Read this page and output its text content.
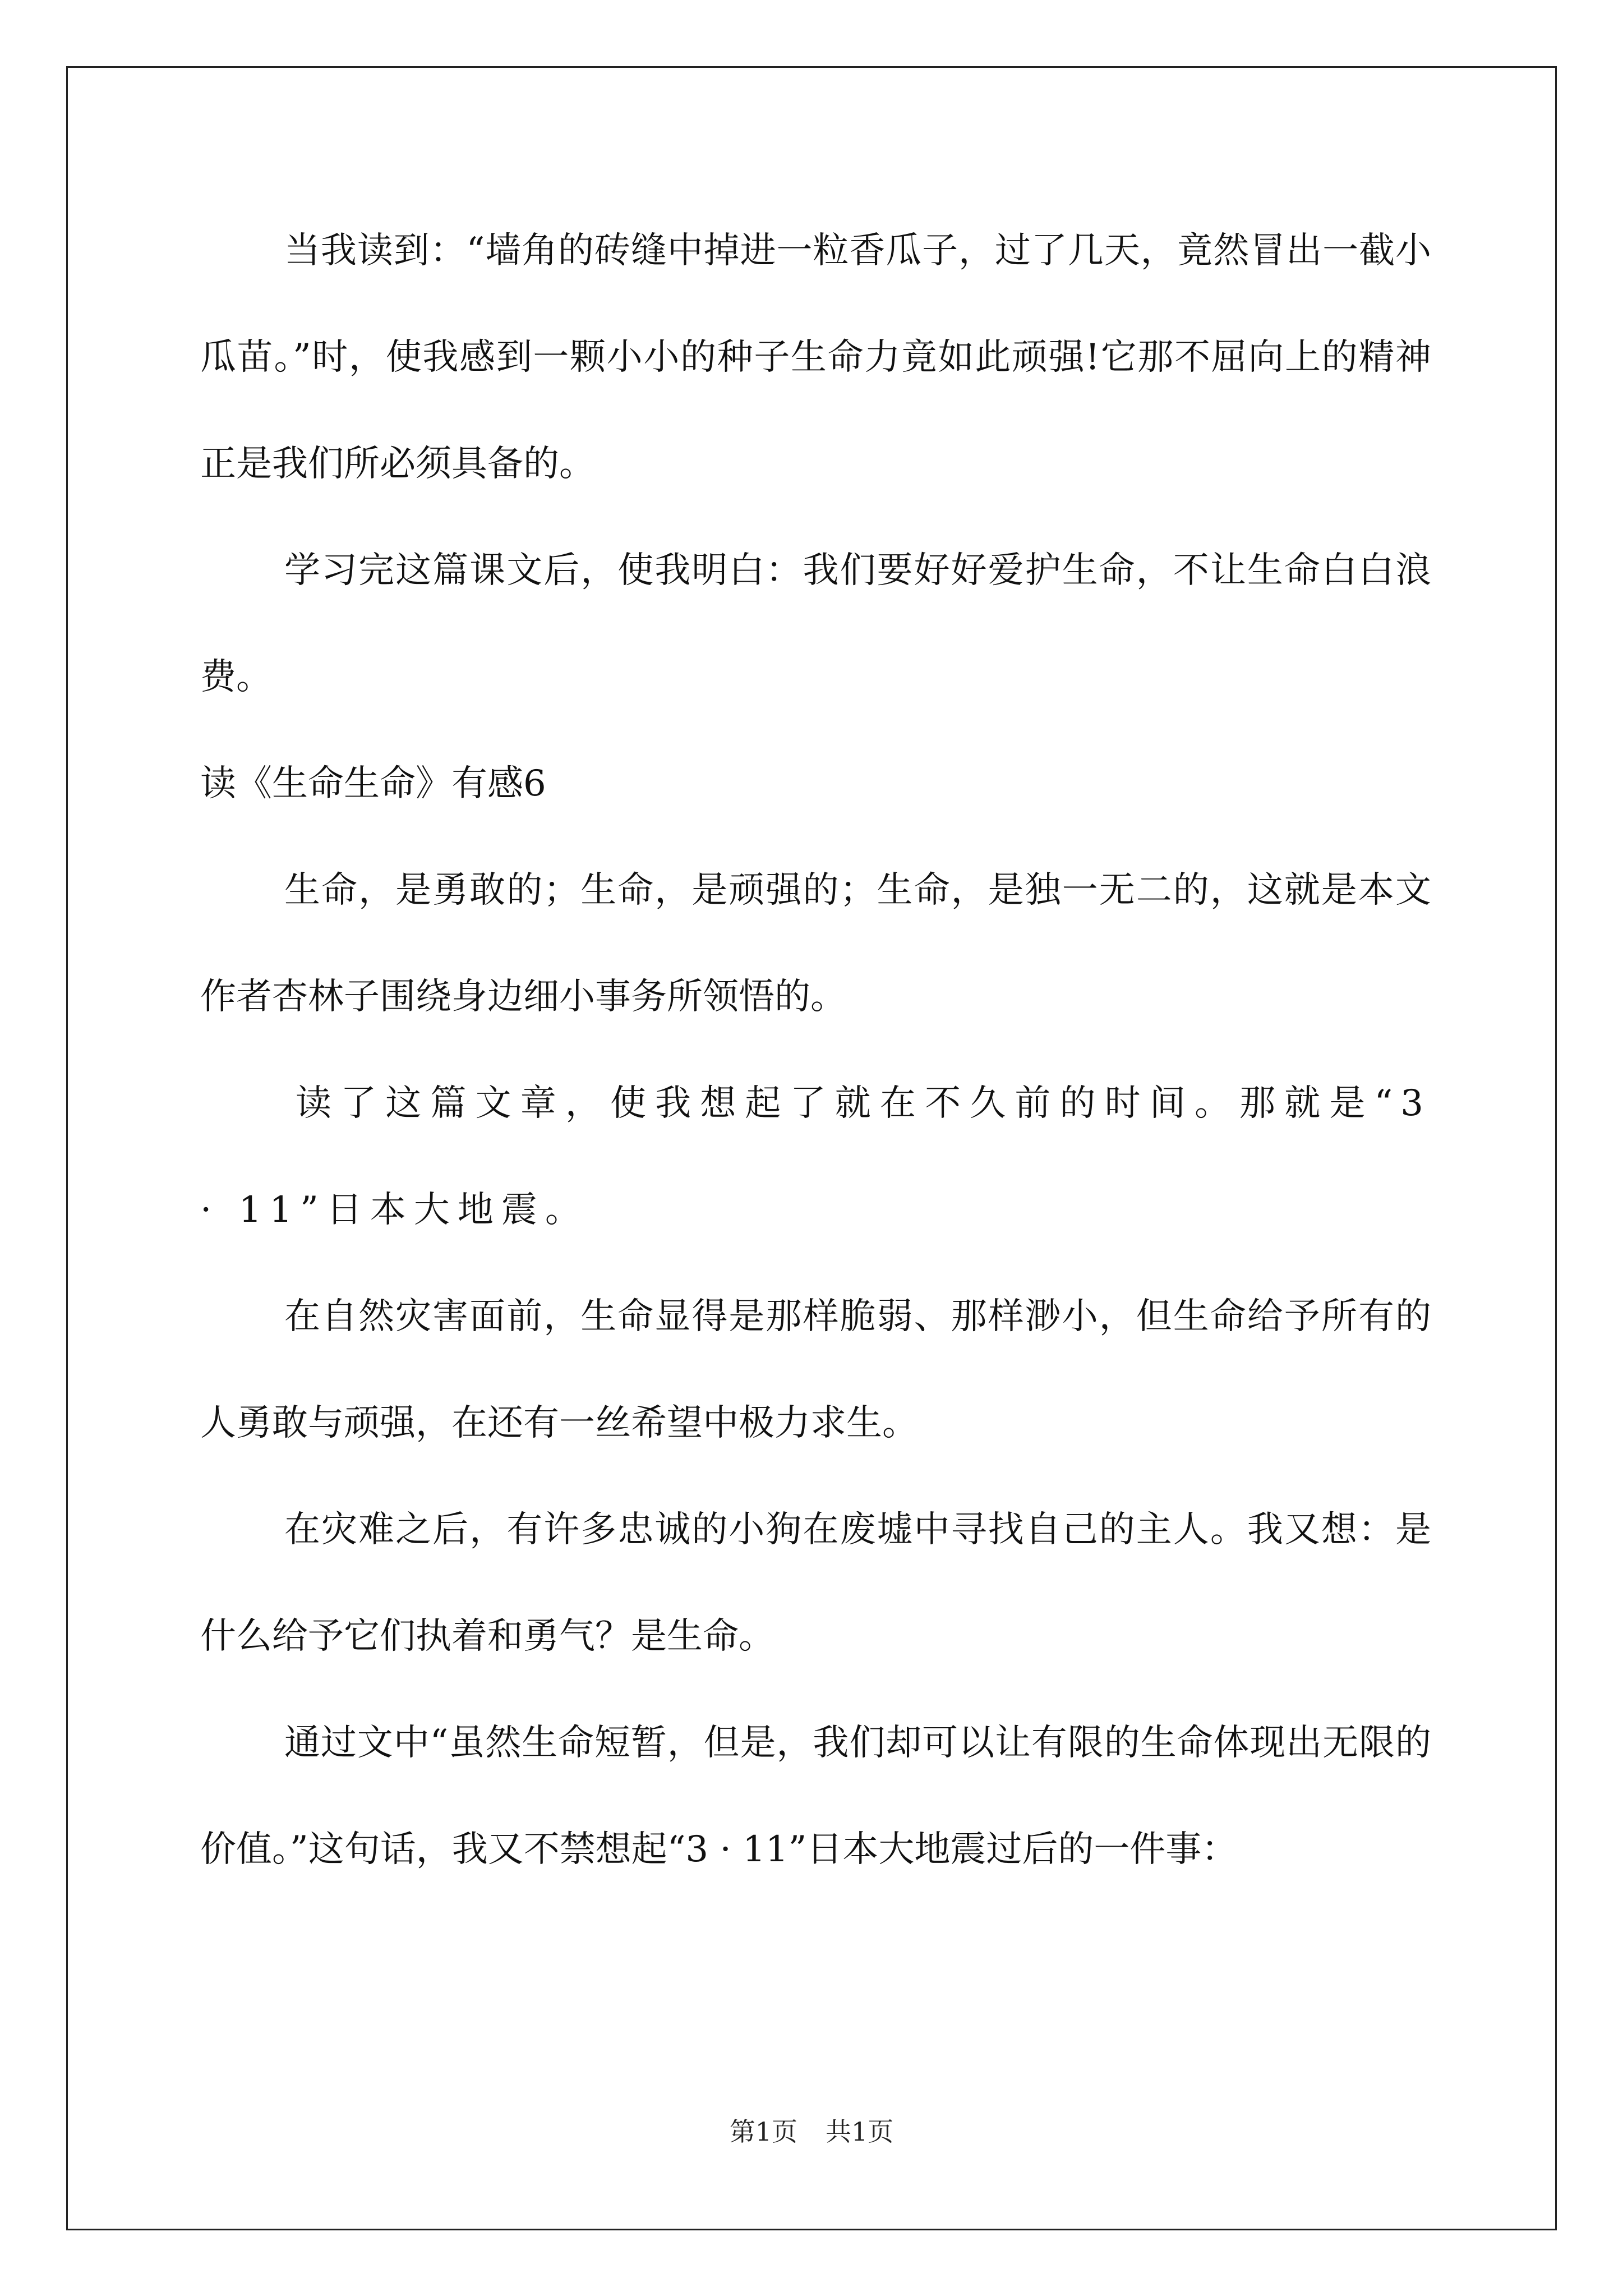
当我读到：“墙角的砖缝中掉进一粒香瓜子，过了几天，竟然冒出一截小瓜苗。”时，使我感到一颗小小的种子生命力竟如此顽强!它那不屈向上的精神正是我们所必须具备的。

学习完这篇课文后，使我明白：我们要好好爱护生命，不让生命白白浪费。

读《生命生命》有感6

生命，是勇敢的；生命，是顽强的；生命，是独一无二的，这就是本文作者杏林子围绕身边细小事务所领悟的。

读了这篇文章，使我想起了就在不久前的时间。那就是“3 · 11”日本大地震。

在自然灾害面前，生命显得是那样脆弱、那样渺小，但生命给予所有的人勇敢与顽强，在还有一丝希望中极力求生。

在灾难之后，有许多忠诚的小狗在废墟中寻找自己的主人。我又想：是什么给予它们执着和勇气？是生命。

通过文中“虽然生命短暂，但是，我们却可以让有限的生命体现出无限的价值。”这句话，我又不禁想起“3 · 11”日本大地震过后的一件事：

第1页 共1页
